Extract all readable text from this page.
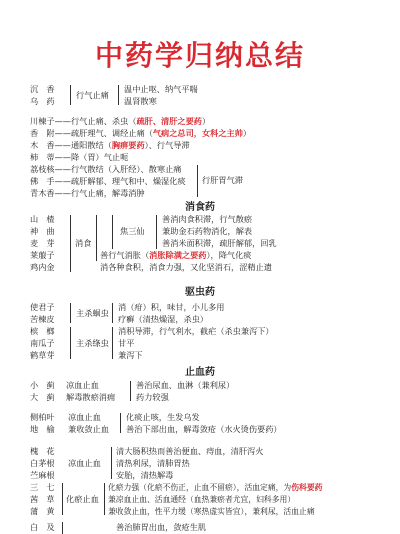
中药学归纳总结
沉　香
乌　药
行气止痛
温中止呕、纳气平喘
温肾散寒
川楝子——行气止痛、杀虫（疏肝、清肝之要药）
香　附——疏肝理气、调经止痛（气病之总司，女科之主帅）
木　香——通阳散结（胸痹要药）、行气导滞
柿　蒂——降（胃）气止呃
荔枝核——行气散结（入肝经）、散寒止痛
佛　手——疏肝解郁、理气和中、燥湿化痰
青木香——行气止痛，解毒消肿
行肝胃气滞
消食药
山　楂
神　曲
麦　芽
莱菔子
鸡内金
消食
焦三仙
善消肉食积滞，行气散瘀
兼助金石药物消化，解表
善消米面积滞，疏肝解郁，回乳
善行气消胀（消胀除满之要药），降气化痰
消各种食积，消食力强，又化坚消石，涩精止遗
驱虫药
使君子
苦楝皮
主杀蛔虫
消（疳）积，味甘，小儿多用
疗癣（清热燥湿，杀虫）
槟　榔
南瓜子
鹤草芽
主杀绦虫
消积导滞，行气利水，截疟（杀虫兼泻下）
甘平
兼泻下
止血药
小　蓟
大　蓟
凉血止血
解毒散瘀消痈
善治尿血、血淋（兼利尿）
药力较强
侧柏叶
地　榆
凉血止血
兼收敛止血
化痰止咳，生发乌发
善治下部出血，解毒敛疮（水火烫伤要药）
槐　花
白茅根
苎麻根
凉血止血
清大肠积热而善治便血、痔血，清肝泻火
清热利尿，清肺胃热
安胎，清热解毒
三　七
茜　草
蒲　黄
化瘀止血
化瘀力强（化瘀不伤正，止血不留瘀），活血定痛，为伤科要药
兼凉血止血、活血通经（血热兼瘀者尤宜，妇科多用）
兼收敛止血，性平力缓（寒热虚实皆宜），兼利尿，活血止痛
白　及	善治肺胃出血，敛疮生肌
